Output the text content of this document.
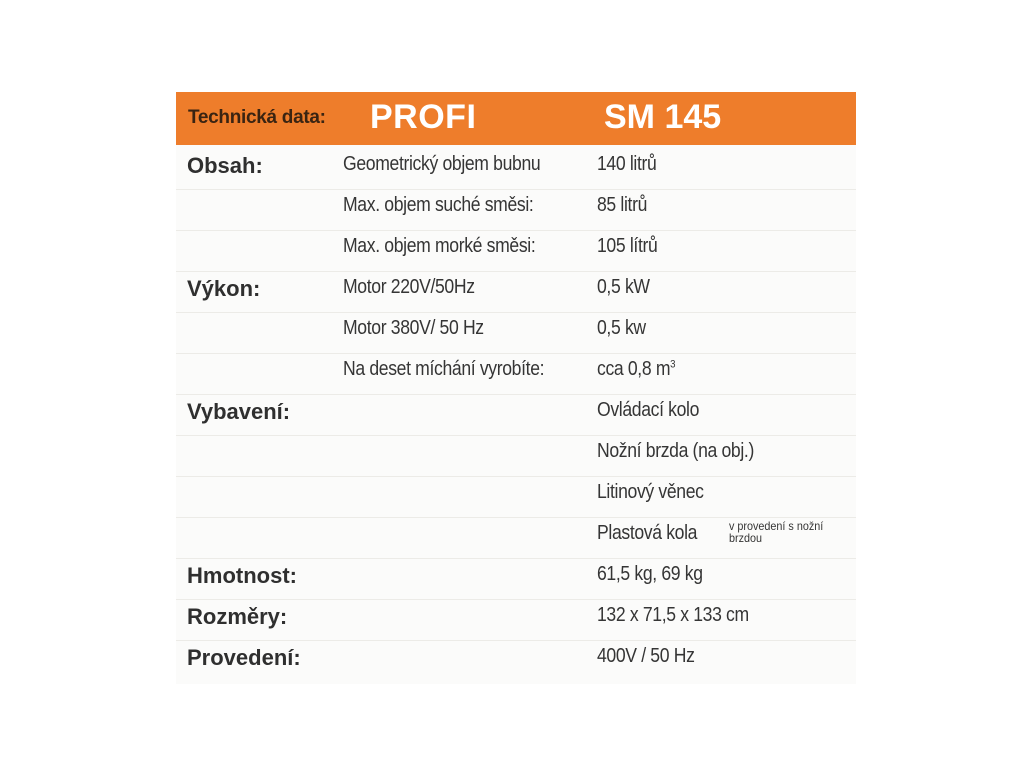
Technická data: PROFI	SM 145
Obsah:	Geometrický objem bubnu	140 litrů
Max. objem suché směsi:	85 litrů
Max. objem morké směsi:	105 lítrů
Výkon:	Motor 220V/50Hz	0,5 kW
Motor 380V/ 50 Hz	0,5 kw
Na deset míchání vyrobíte:	cca 0,8 $m^3$
Vybavení:	Ovládací kolo
Nožní brzda (na obj.)
Litinový věnec
Plastová kola	v provedení s nožní brzdou
Hmotnost:	61,5 kg, 69 kg
Rozměry:	132 x 71,5 x 133 cm
Provedení:	400V / 50 Hz
